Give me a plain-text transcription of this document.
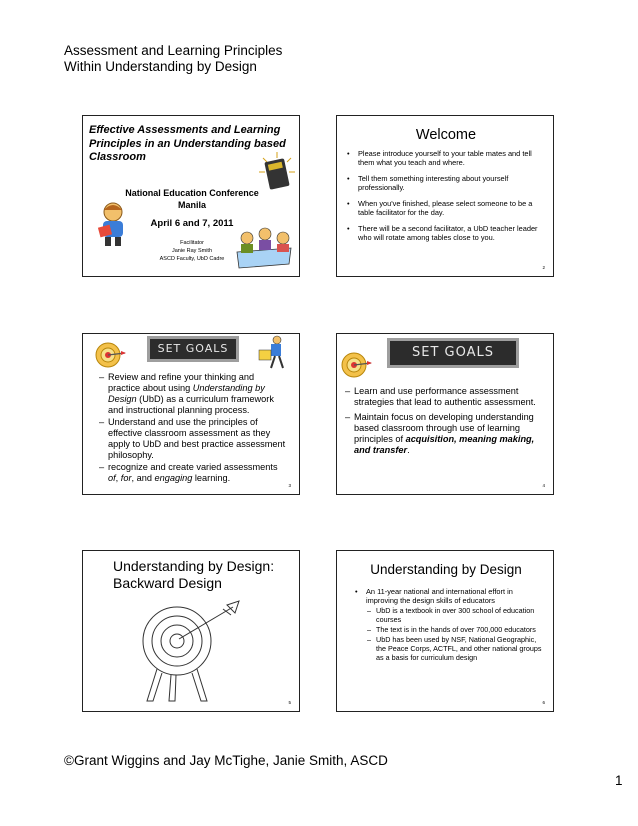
Assessment and Learning Principles
Within Understanding by Design
Effective Assessments and Learning Principles in an Understanding based Classroom
National Education Conference
Manila
April 6 and 7, 2011
Facilitator
Janie Ray Smith
ASCD Faculty, UbD Cadre
Welcome
• Please introduce yourself to your table mates and tell them what you teach and where.
• Tell them something interesting about yourself professionally.
• When you've finished, please select someone to be a table facilitator for the day.
• There will be a second facilitator, a UbD teacher leader who will rotate among tables close to you.
2
SET GOALS
– Review and refine your thinking and practice about using Understanding by Design (UbD) as a curriculum framework and instructional planning process.
– Understand and use the principles of effective classroom assessment as they apply to UbD and best practice assessment philosophy.
– recognize and create varied assessments of, for, and engaging learning.
3
SET GOALS
– Learn and use performance assessment strategies that lead to authentic assessment.
– Maintain focus on developing understanding based classroom through use of learning principles of acquisition, meaning making, and transfer.
4
Understanding by Design:
Backward Design
5
Understanding by Design
• An 11-year national and international effort in improving the design skills of educators
– UbD is a textbook in over 300 school of education courses
– The text is in the hands of over 700,000 educators
– UbD has been used by NSF, National Geographic, the Peace Corps, ACTFL, and other national groups as a basis for curriculum design
6
©Grant Wiggins and Jay McTighe, Janie Smith, ASCD
1
